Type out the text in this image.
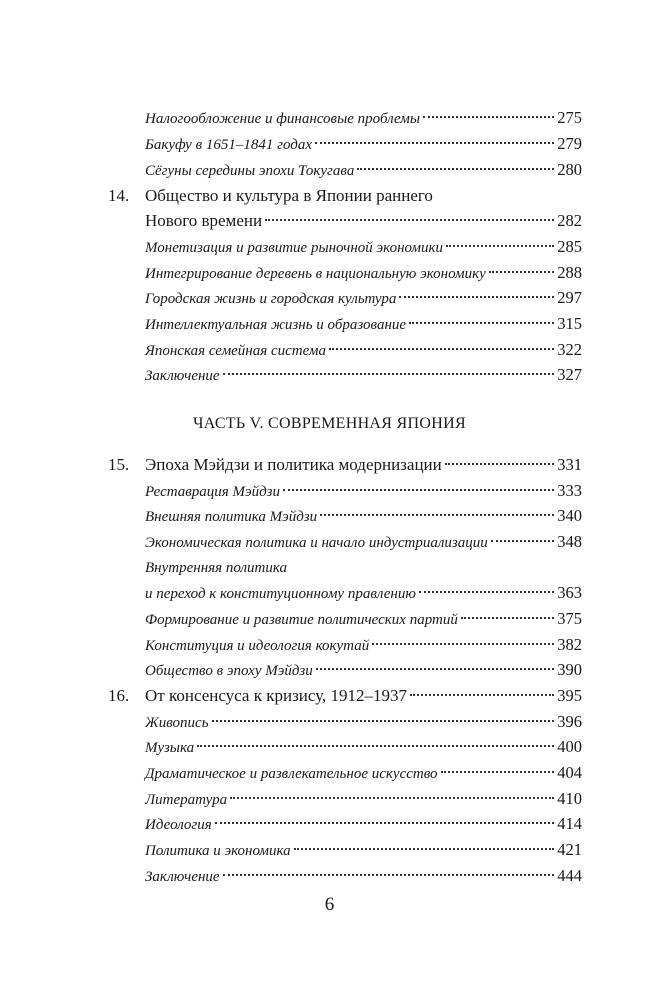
Налогообложение и финансовые проблемы	275
Бакуфу в 1651–1841 годах	279
Сёгуны середины эпохи Токугава	280
14. Общество и культура в Японии раннего
Нового времени	282
Монетизация и развитие рыночной экономики	285
Интегрирование деревень в национальную экономику	288
Городская жизнь и городская культура	297
Интеллектуальная жизнь и образование	315
Японская семейная система	322
Заключение	327
15. Эпоха Мэйдзи и политика модернизации	331
Реставрация Мэйдзи	333
Внешняя политика Мэйдзи	340
Экономическая политика и начало индустриализации	348
Внутренняя политика
и переход к конституционному правлению	363
Формирование и развитие политических партий	375
Конституция и идеология кокутай	382
Общество в эпоху Мэйдзи	390
16. От консенсуса к кризису, 1912–1937	395
Живопись	396
Музыка	400
Драматическое и развлекательное искусство	404
Литература	410
Идеология	414
Политика и экономика	421
Заключение	444
ЧАСТЬ V. СОВРЕМЕННАЯ ЯПОНИЯ
6
